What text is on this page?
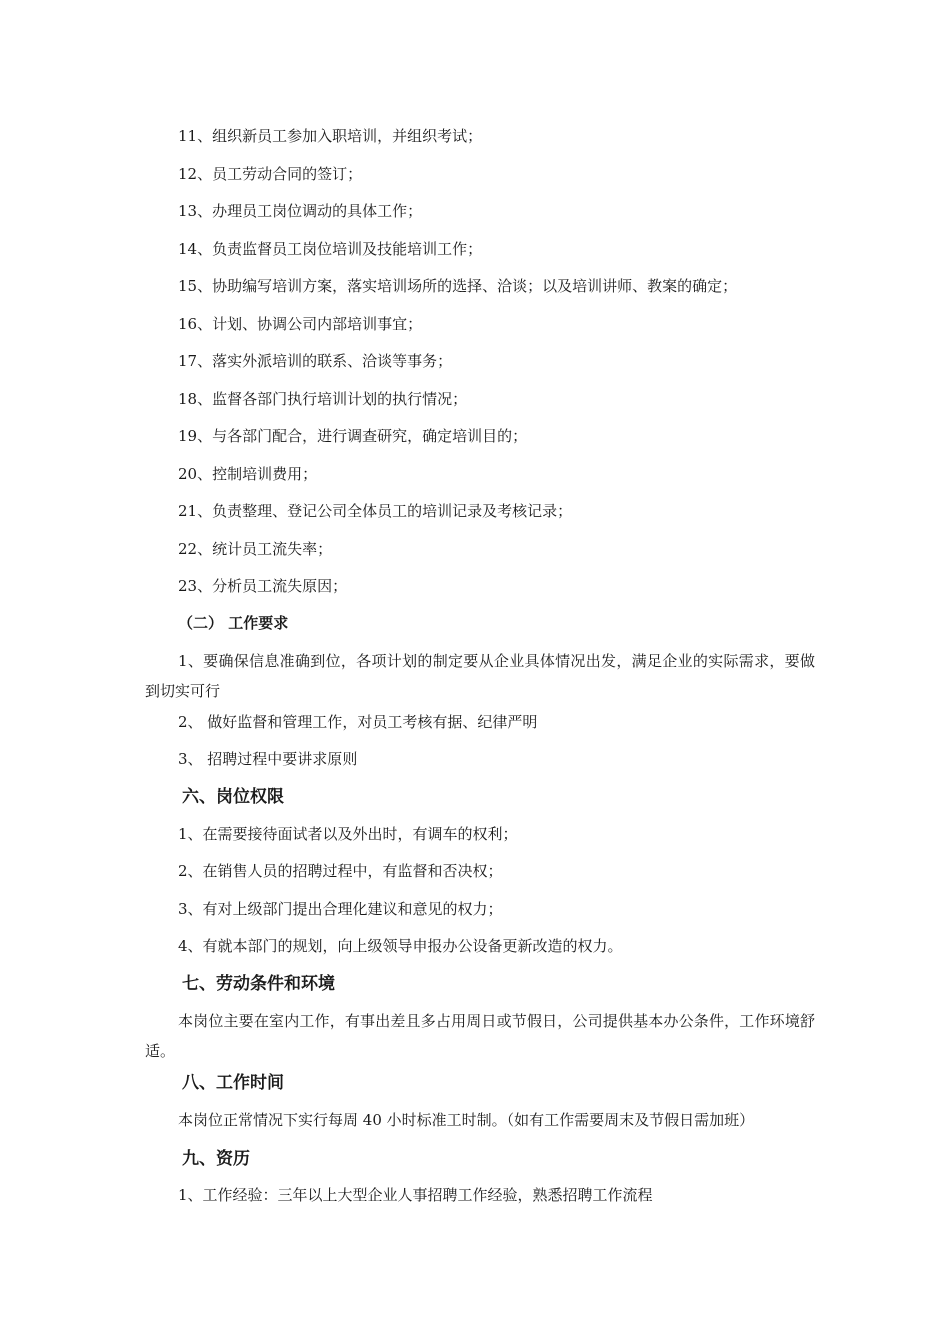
11、组织新员工参加入职培训，并组织考试；
12、员工劳动合同的签订；
13、办理员工岗位调动的具体工作；
14、负责监督员工岗位培训及技能培训工作；
15、协助编写培训方案，落实培训场所的选择、洽谈；以及培训讲师、教案的确定；
16、计划、协调公司内部培训事宜；
17、落实外派培训的联系、洽谈等事务；
18、监督各部门执行培训计划的执行情况；
19、与各部门配合，进行调查研究，确定培训目的；
20、控制培训费用；
21、负责整理、登记公司全体员工的培训记录及考核记录；
22、统计员工流失率；
23、分析员工流失原因；
（二） 工作要求
1、要确保信息准确到位，各项计划的制定要从企业具体情况出发，满足企业的实际需求，要做到切实可行
2、 做好监督和管理工作，对员工考核有据、纪律严明
3、 招聘过程中要讲求原则
六、岗位权限
1、在需要接待面试者以及外出时，有调车的权利；
2、在销售人员的招聘过程中，有监督和否决权；
3、有对上级部门提出合理化建议和意见的权力；
4、有就本部门的规划，向上级领导申报办公设备更新改造的权力。
七、劳动条件和环境
本岗位主要在室内工作，有事出差且多占用周日或节假日，公司提供基本办公条件，工作环境舒适。
八、工作时间
本岗位正常情况下实行每周 40 小时标准工时制。（如有工作需要周末及节假日需加班）
九、资历
1、工作经验：三年以上大型企业人事招聘工作经验，熟悉招聘工作流程
